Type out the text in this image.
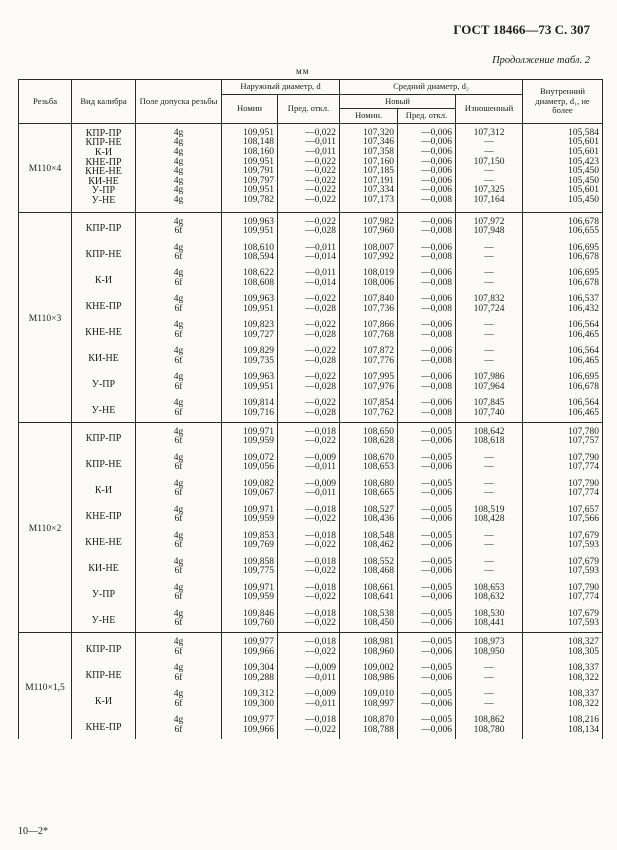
ГОСТ 18466—73 С. 307
Продолжение табл. 2
мм
Резьба	Вид калибра	Поле допуска резьбы	Наружный диаметр, d		Средний диаметр, d₂			Внутренний диаметр, d₁, не более
			Номин	Пред. откл.	Новый		Изношенный	
					Номин.	Пред. откл.		
M110×4	КПР-ПР	4g	109,951	—0,022	107,320	—0,006	107,312	105,584
	КПР-НЕ	4g	108,148	—0,011	107,346	—0,006	—	105,601
	К-И	4g	108,160	—0,011	107,358	—0,006	—	105,601
	КНЕ-ПР	4g	109,951	—0,022	107,160	—0,006	107,150	105,423
	КНЕ-НЕ	4g	109,791	—0,022	107,185	—0,006	—	105,450
	КИ-НЕ	4g	109,797	—0,022	107,191	—0,006	—	105,450
	У-ПР	4g	109,951	—0,022	107,334	—0,006	107,325	105,601
	У-НЕ	4g	109,782	—0,022	107,173	—0,008	107,164	105,450
M110×3	КПР-ПР	4g	109,963	—0,022	107,982	—0,006	107,972	106,678
		6f	109,951	—0,028	107,960	—0,008	107,948	106,655
	КПР-НЕ	4g	108,610	—0,011	108,007	—0,006	—	106,695
		6f	108,594	—0,014	107,992	—0,008	—	106,678
	К-И	4g	108,622	—0,011	108,019	—0,006	—	106,695
		6f	108,608	—0,014	108,006	—0,008	—	106,678
	КНЕ-ПР	4g	109,963	—0,022	107,840	—0,006	107,832	106,537
		6f	109,951	—0,028	107,736	—0,008	107,724	106,432
	КНЕ-НЕ	4g	109,823	—0,022	107,866	—0,006	—	106,564
		6f	109,727	—0,028	107,768	—0,008	—	106,465
	КИ-НЕ	4g	109,829	—0,022	107,872	—0,006	—	106,564
		6f	109,735	—0,028	107,776	—0,008	—	106,465
	У-ПР	4g	109,963	—0,022	107,995	—0,006	107,986	106,695
		6f	109,951	—0,028	107,976	—0,008	107,964	106,678
	У-НЕ	4g	109,814	—0,022	107,854	—0,006	107,845	106,564
		6f	109,716	—0,028	107,762	—0,008	107,740	106,465
M110×2	КПР-ПР	4g	109,971	—0,018	108,650	—0,005	108,642	107,780
		6f	109,959	—0,022	108,628	—0,006	108,618	107,757
	КПР-НЕ	4g	109,072	—0,009	108,670	—0,005	—	107,790
		6f	109,056	—0,011	108,653	—0,006	—	107,774
	К-И	4g	109,082	—0,009	108,680	—0,005	—	107,790
		6f	109,067	—0,011	108,665	—0,006	—	107,774
	КНЕ-ПР	4g	109,971	—0,018	108,527	—0,005	108,519	107,657
		6f	109,959	—0,022	108,436	—0,006	108,428	107,566
	КНЕ-НЕ	4g	109,853	—0,018	108,548	—0,005	—	107,679
		6f	109,769	—0,022	108,462	—0,006	—	107,593
	КИ-НЕ	4g	109,858	—0,018	108,552	—0,005	—	107,679
		6f	109,775	—0,022	108,468	—0,006	—	107,593
	У-ПР	4g	109,971	—0,018	108,661	—0,005	108,653	107,790
		6f	109,959	—0,022	108,641	—0,006	108,632	107,774
	У-НЕ	4g	109,846	—0,018	108,538	—0,005	108,530	107,679
		6f	109,760	—0,022	108,450	—0,006	108,441	107,593
M110×1,5	КПР-ПР	4g	109,977	—0,018	108,981	—0,005	108,973	108,327
		6f	109,966	—0,022	108,960	—0,006	108,950	108,305
	КПР-НЕ	4g	109,304	—0,009	109,002	—0,005	—	108,337
		6f	109,288	—0,011	108,986	—0,006	—	108,322
	К-И	4g	109,312	—0,009	109,010	—0,005	—	108,337
		6f	109,300	—0,011	108,997	—0,006	—	108,322
	КНЕ-ПР	4g	109,977	—0,018	108,870	—0,005	108,862	108,216
		6f	109,966	—0,022	108,788	—0,006	108,780	108,134
10—2*
